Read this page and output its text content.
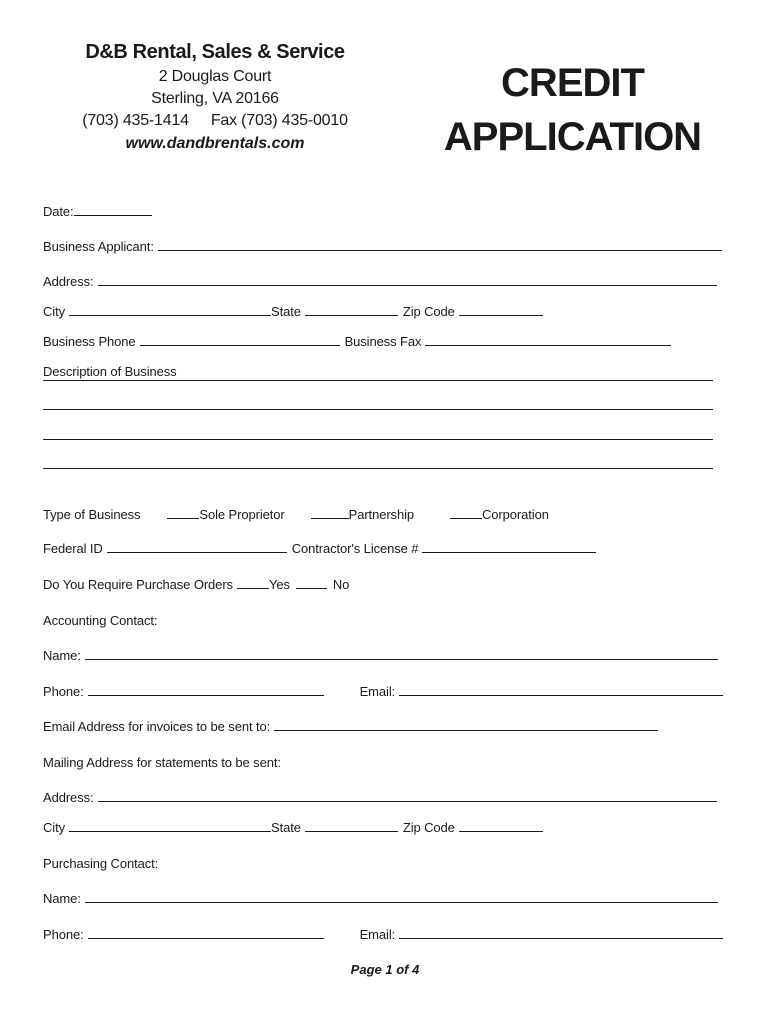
D&B Rental, Sales & Service
2 Douglas Court
Sterling, VA 20166
(703) 435-1414 Fax (703) 435-0010
www.dandbrentals.com
CREDIT
APPLICATION
Date:
Business Applicant:
Address:
City	State	Zip Code
Business Phone	Business Fax
Description of Business
Type of Business	Sole Proprietor	Partnership	Corporation
Federal ID	Contractor's License #
Do You Require Purchase Orders	Yes	No
Accounting Contact:
Name:
Phone:	Email:
Email Address for invoices to be sent to:
Mailing Address for statements to be sent:
Address:
City	State	Zip Code
Purchasing Contact:
Name:
Phone:	Email:
Page 1 of 4
